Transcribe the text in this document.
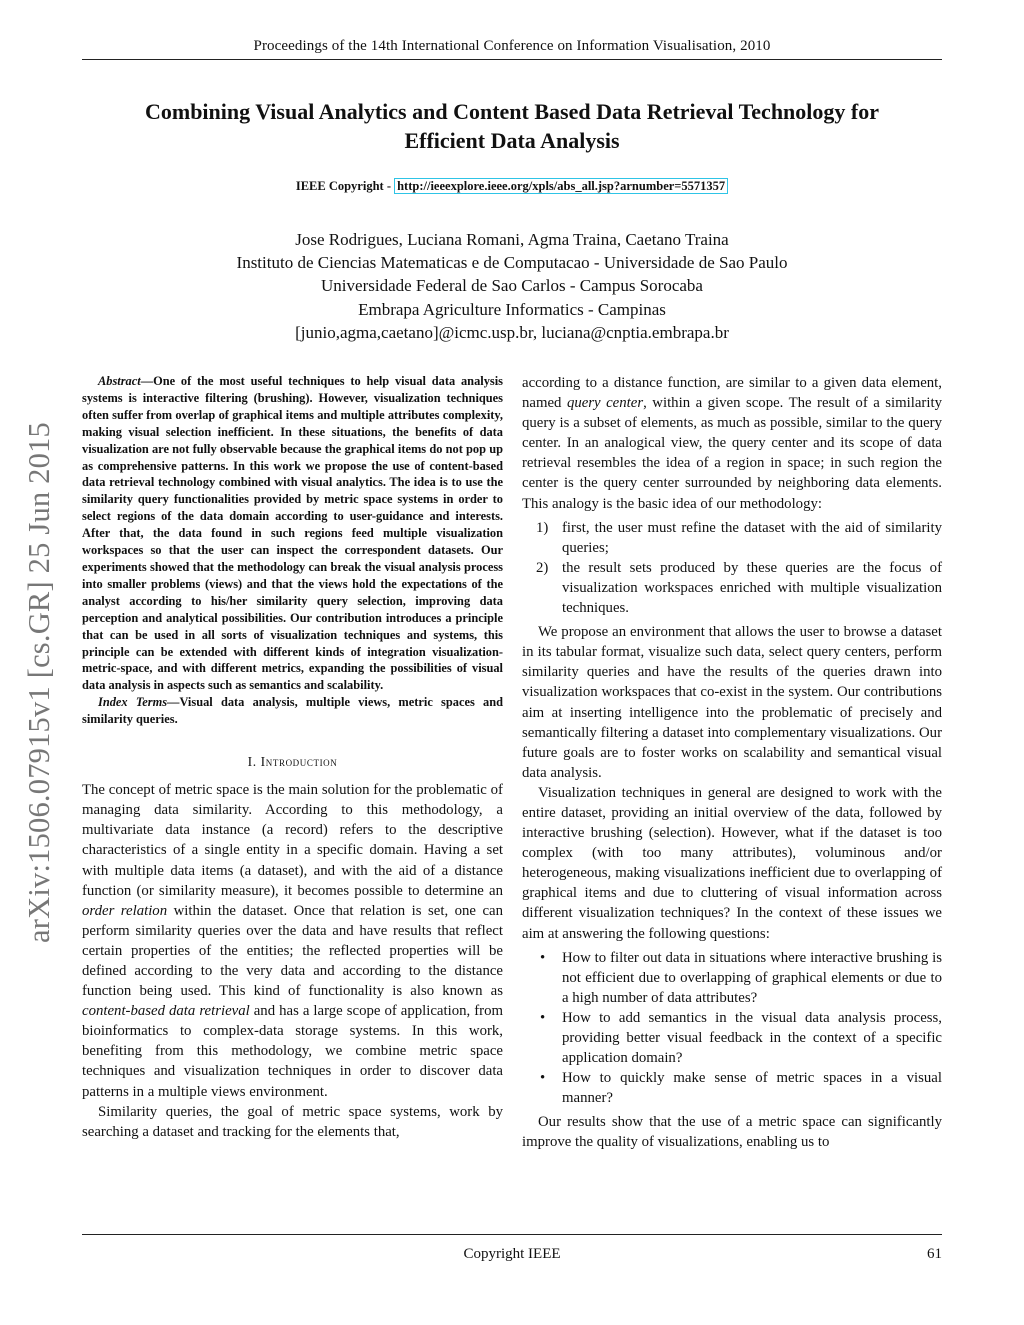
Proceedings of the 14th International Conference on Information Visualisation, 2010
Combining Visual Analytics and Content Based Data Retrieval Technology for
Efficient Data Analysis
IEEE Copyright - http://ieeexplore.ieee.org/xpls/abs_all.jsp?arnumber=5571357
Jose Rodrigues, Luciana Romani, Agma Traina, Caetano Traina
Instituto de Ciencias Matematicas e de Computacao - Universidade de Sao Paulo
Universidade Federal de Sao Carlos - Campus Sorocaba
Embrapa Agriculture Informatics - Campinas
[junio,agma,caetano]@icmc.usp.br, luciana@cnptia.embrapa.br
arXiv:1506.07915v1 [cs.GR] 25 Jun 2015

Abstract—One of the most useful techniques to help visual data analysis systems is interactive filtering (brushing). However, visualization techniques often suffer from overlap of graphical items and multiple attributes complexity, making visual selection inefficient. In these situations, the benefits of data visualization are not fully observable because the graphical items do not pop up as comprehensive patterns. In this work we propose the use of content-based data retrieval technology combined with visual analytics. The idea is to use the similarity query functionalities provided by metric space systems in order to select regions of the data domain according to user-guidance and interests. After that, the data found in such regions feed multiple visualization workspaces so that the user can inspect the correspondent datasets. Our experiments showed that the methodology can break the visual analysis process into smaller problems (views) and that the views hold the expectations of the analyst according to his/her similarity query selection, improving data perception and analytical possibilities. Our contribution introduces a principle that can be used in all sorts of visualization techniques and systems, this principle can be extended with different kinds of integration visualization-metric-space, and with different metrics, expanding the possibilities of visual data analysis in aspects such as semantics and scalability.

Index Terms—Visual data analysis, multiple views, metric spaces and similarity queries.

I. Introduction

The concept of metric space is the main solution for the problematic of managing data similarity. According to this methodology, a multivariate data instance (a record) refers to the descriptive characteristics of a single entity in a specific domain. Having a set with multiple data items (a dataset), and with the aid of a distance function (or similarity measure), it becomes possible to determine an order relation within the dataset. Once that relation is set, one can perform similarity queries over the data and have results that reflect certain properties of the entities; the reflected properties will be defined according to the very data and according to the distance function being used. This kind of functionality is also known as content-based data retrieval and has a large scope of application, from bioinformatics to complex-data storage systems. In this work, benefiting from this methodology, we combine metric space techniques and visualization techniques in order to discover data patterns in a multiple views environment.

Similarity queries, the goal of metric space systems, work by searching a dataset and tracking for the elements that,

according to a distance function, are similar to a given data element, named query center, within a given scope. The result of a similarity query is a subset of elements, as much as possible, similar to the query center. In an analogical view, the query center and its scope of data retrieval resembles the idea of a region in space; in such region the center is the query center surrounded by neighboring data elements. This analogy is the basic idea of our methodology:

1) first, the user must refine the dataset with the aid of similarity queries;
2) the result sets produced by these queries are the focus of visualization workspaces enriched with multiple visualization techniques.

We propose an environment that allows the user to browse a dataset in its tabular format, visualize such data, select query centers, perform similarity queries and have the results of the queries drawn into visualization workspaces that co-exist in the system. Our contributions aim at inserting intelligence into the problematic of precisely and semantically filtering a dataset into complementary visualizations. Our future goals are to foster works on scalability and semantical visual data analysis.

Visualization techniques in general are designed to work with the entire dataset, providing an initial overview of the data, followed by interactive brushing (selection). However, what if the dataset is too complex (with too many attributes), voluminous and/or heterogeneous, making visualizations inefficient due to overlapping of graphical items and due to cluttering of visual information across different visualization techniques? In the context of these issues we aim at answering the following questions:

• How to filter out data in situations where interactive brushing is not efficient due to overlapping of graphical elements or due to a high number of data attributes?
• How to add semantics in the visual data analysis process, providing better visual feedback in the context of a specific application domain?
• How to quickly make sense of metric spaces in a visual manner?

Our results show that the use of a metric space can significantly improve the quality of visualizations, enabling us to

Copyright IEEE	61
